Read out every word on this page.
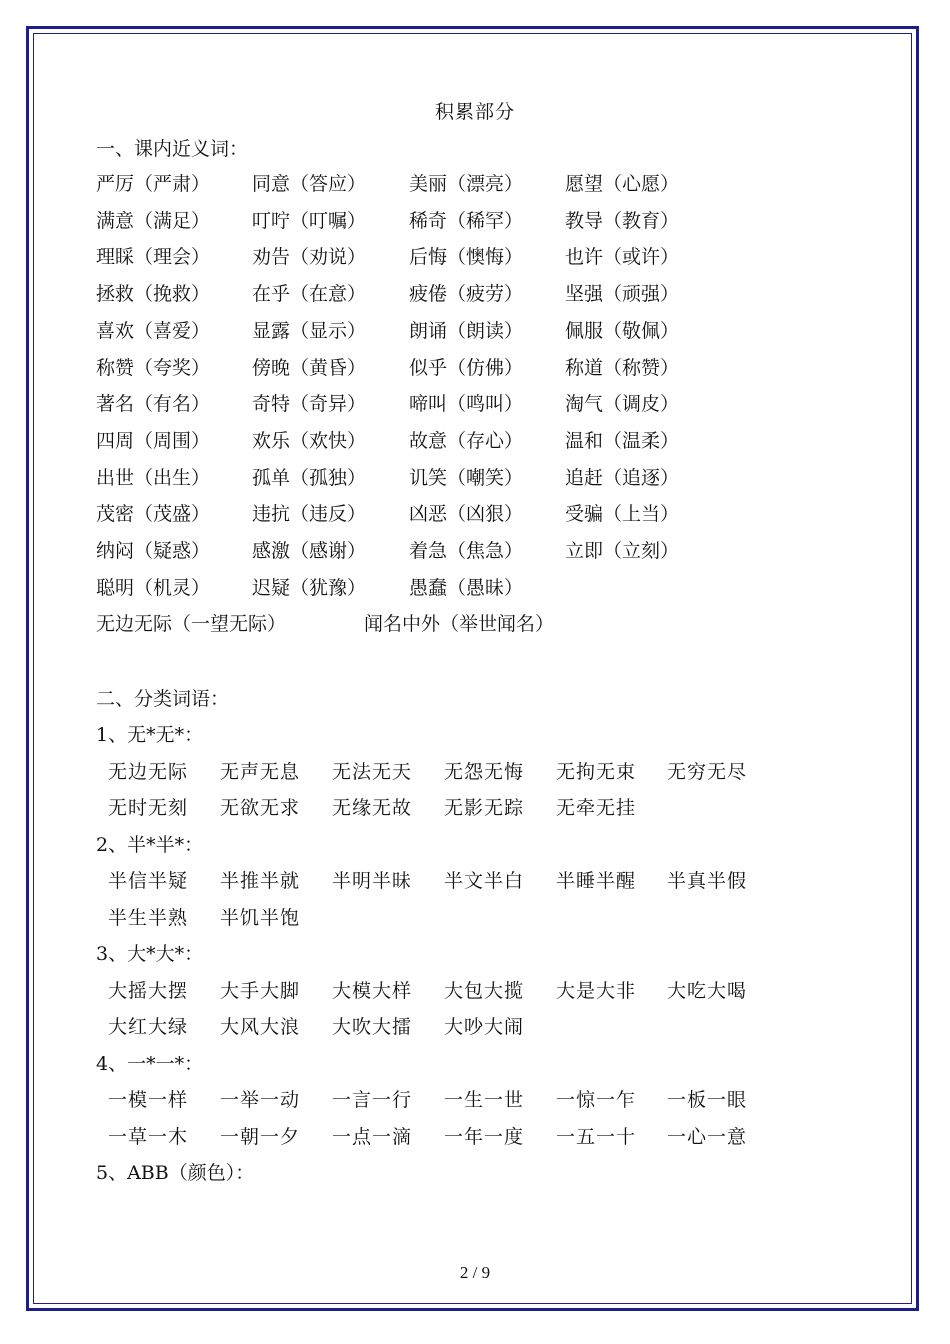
积累部分
一、课内近义词：
严厉（严肃） 同意（答应） 美丽（漂亮） 愿望（心愿）
满意（满足） 叮咛（叮嘱） 稀奇（稀罕） 教导（教育）
理睬（理会） 劝告（劝说） 后悔（懊悔） 也许（或许）
拯救（挽救） 在乎（在意） 疲倦（疲劳） 坚强（顽强）
喜欢（喜爱） 显露（显示） 朗诵（朗读） 佩服（敬佩）
称赞（夸奖） 傍晚（黄昏） 似乎（仿佛） 称道（称赞）
著名（有名） 奇特（奇异） 啼叫（鸣叫） 淘气（调皮）
四周（周围） 欢乐（欢快） 故意（存心） 温和（温柔）
出世（出生） 孤单（孤独） 讥笑（嘲笑） 追赶（追逐）
茂密（茂盛） 违抗（违反） 凶恶（凶狠） 受骗（上当）
纳闷（疑惑） 感激（感谢） 着急（焦急） 立即（立刻）
聪明（机灵） 迟疑（犹豫） 愚蠢（愚昧）
无边无际（一望无际）	闻名中外（举世闻名）
二、分类词语：
1、无*无*：
无边无际 无声无息 无法无天 无怨无悔 无拘无束 无穷无尽
无时无刻 无欲无求 无缘无故 无影无踪 无牵无挂
2、半*半*：
半信半疑 半推半就 半明半昧 半文半白 半睡半醒 半真半假
半生半熟 半饥半饱
3、大*大*：
大摇大摆 大手大脚 大模大样 大包大揽 大是大非 大吃大喝
大红大绿 大风大浪 大吹大擂 大吵大闹
4、一*一*：
一模一样 一举一动 一言一行 一生一世 一惊一乍 一板一眼
一草一木 一朝一夕 一点一滴 一年一度 一五一十 一心一意
5、ABB（颜色）：
2 / 9
